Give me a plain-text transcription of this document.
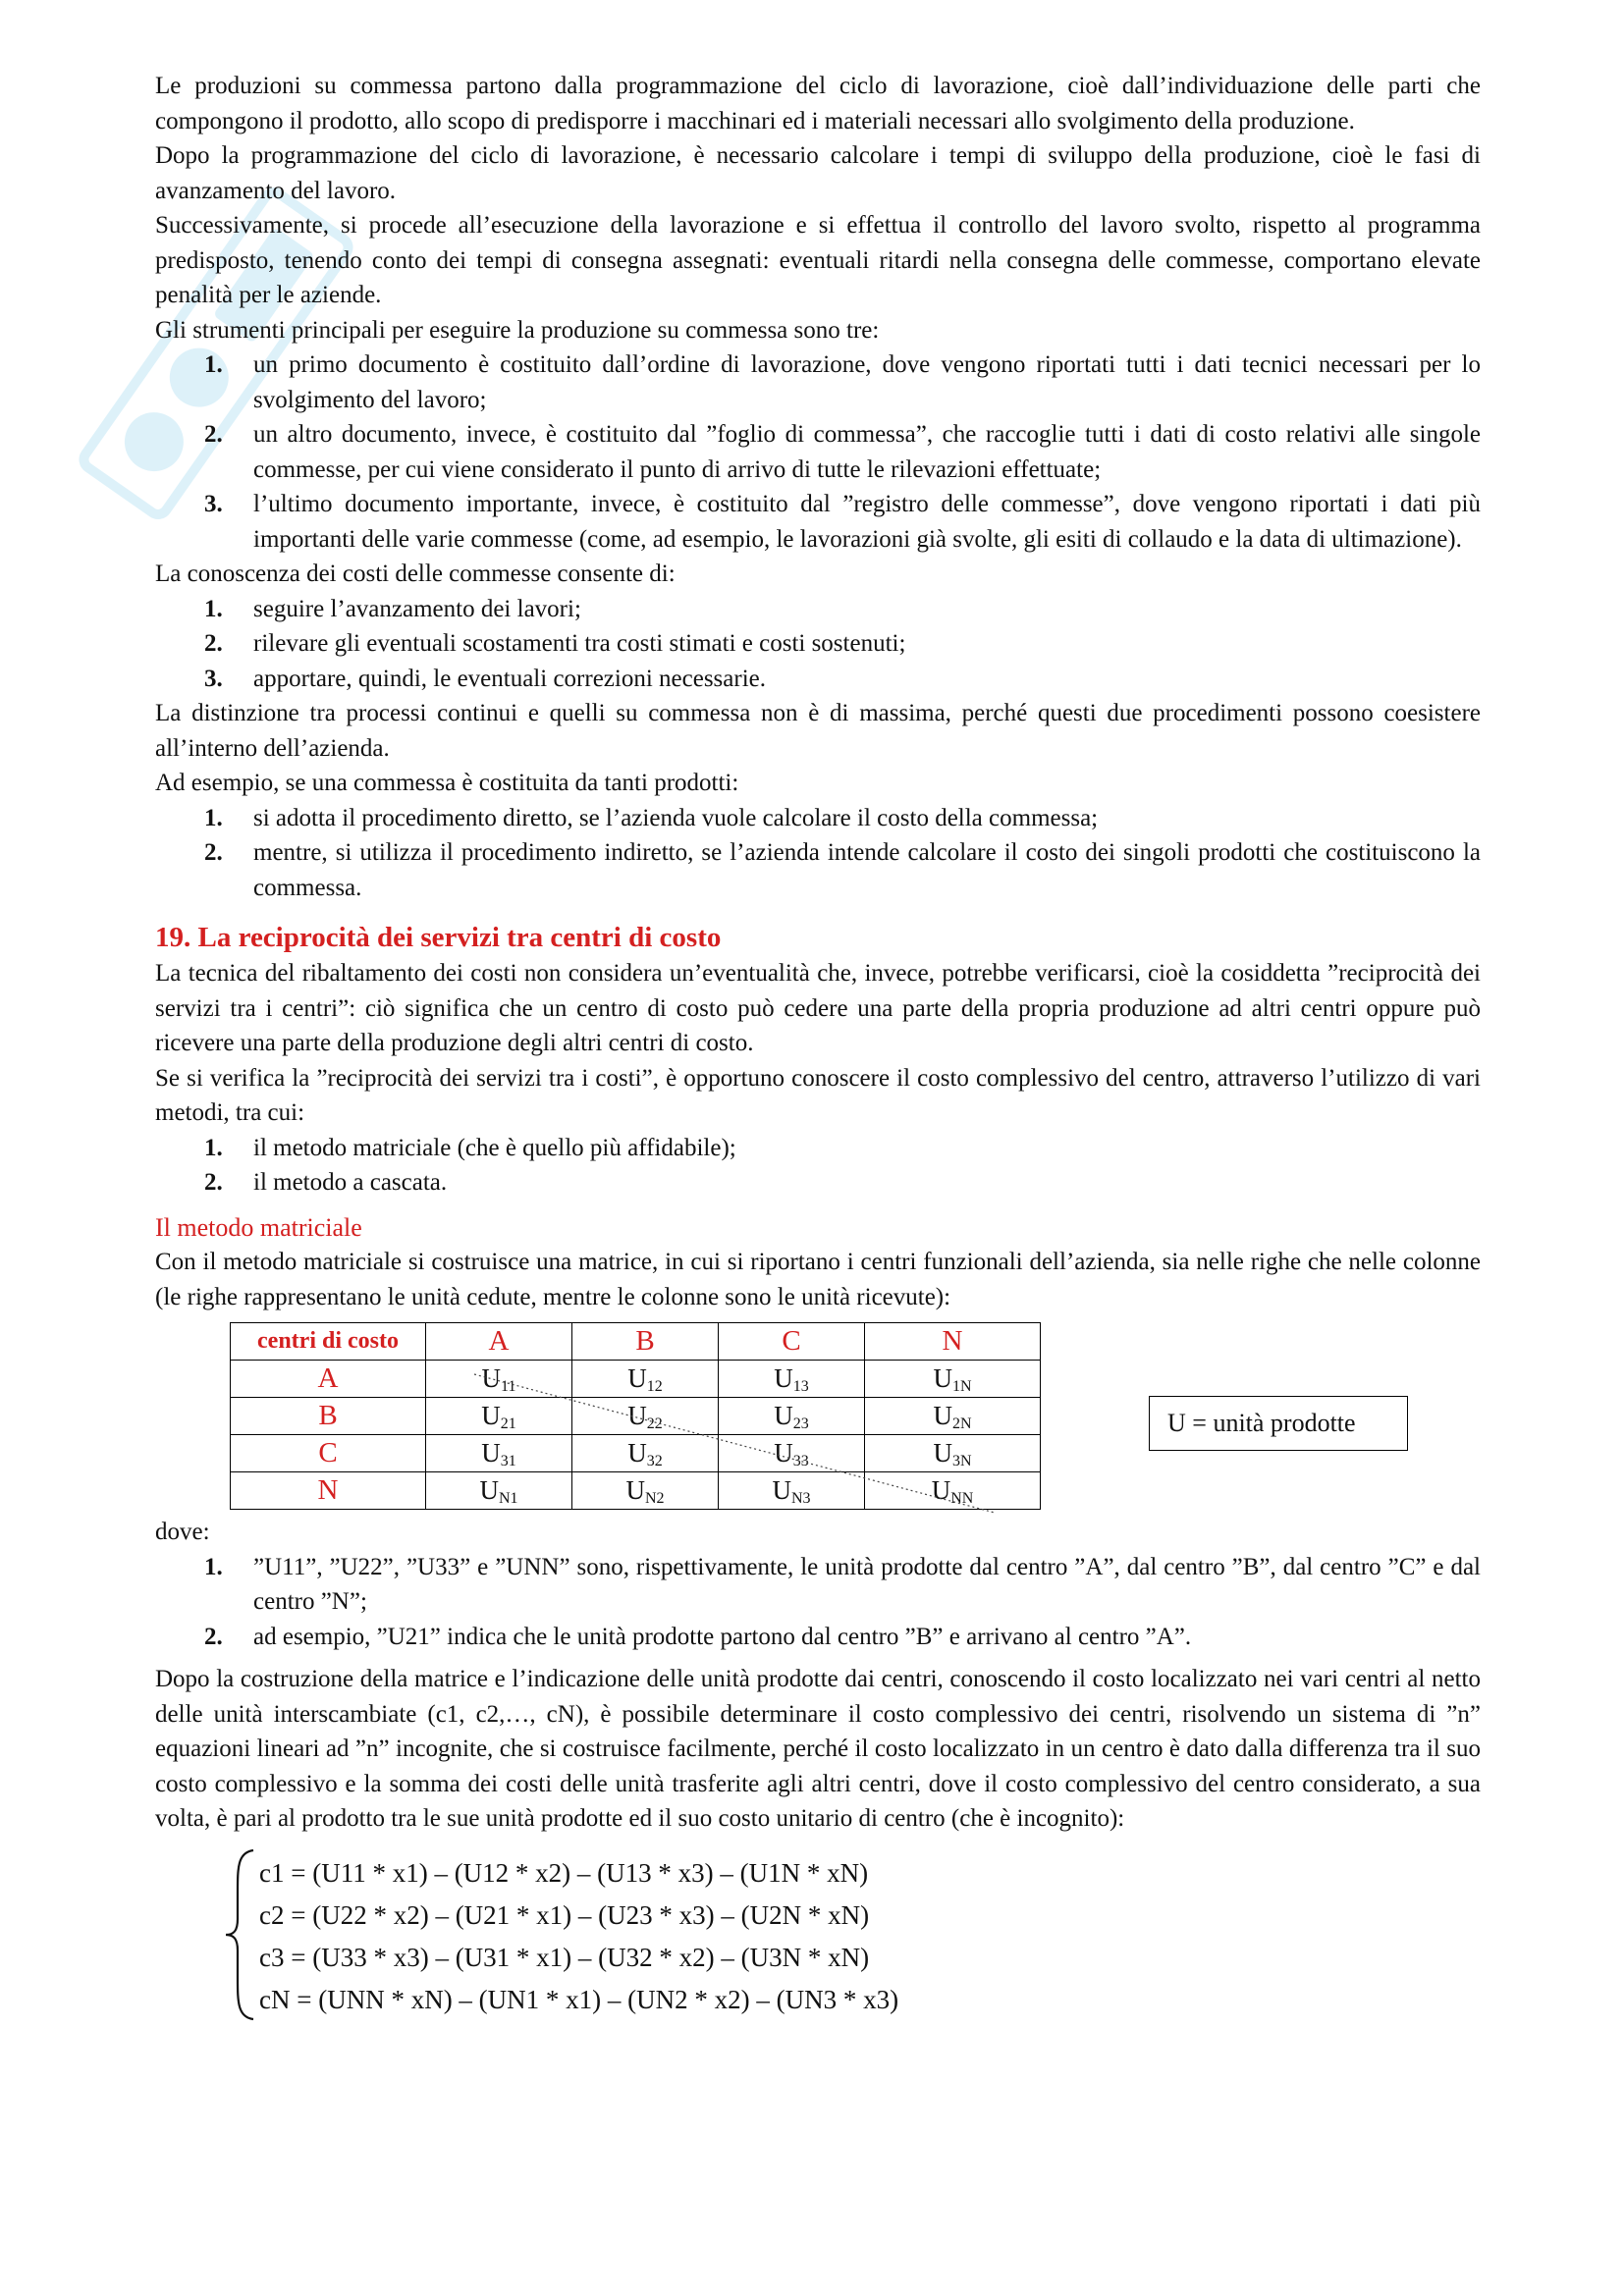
Le produzioni su commessa partono dalla programmazione del ciclo di lavorazione, cioè dall’individuazione delle parti che compongono il prodotto, allo scopo di predisporre i macchinari ed i materiali necessari allo svolgimento della produzione.

Dopo la programmazione del ciclo di lavorazione, è necessario calcolare i tempi di sviluppo della produzione, cioè le fasi di avanzamento del lavoro.

Successivamente, si procede all’esecuzione della lavorazione e si effettua il controllo del lavoro svolto, rispetto al programma predisposto, tenendo conto dei tempi di consegna assegnati: eventuali ritardi nella consegna delle commesse, comportano elevate penalità per le aziende.

Gli strumenti principali per eseguire la produzione su commessa sono tre:

1. un primo documento è costituito dall’ordine di lavorazione, dove vengono riportati tutti i dati tecnici necessari per lo svolgimento del lavoro;
2. un altro documento, invece, è costituito dal ”foglio di commessa”, che raccoglie tutti i dati di costo relativi alle singole commesse, per cui viene considerato il punto di arrivo di tutte le rilevazioni effettuate;
3. l’ultimo documento importante, invece, è costituito dal ”registro delle commesse”, dove vengono riportati i dati più importanti delle varie commesse (come, ad esempio, le lavorazioni già svolte, gli esiti di collaudo e la data di ultimazione).

La conoscenza dei costi delle commesse consente di:

1. seguire l’avanzamento dei lavori;
2. rilevare gli eventuali scostamenti tra costi stimati e costi sostenuti;
3. apportare, quindi, le eventuali correzioni necessarie.

La distinzione tra processi continui e quelli su commessa non è di massima, perché questi due procedimenti possono coesistere all’interno dell’azienda.

Ad esempio, se una commessa è costituita da tanti prodotti:

1. si adotta il procedimento diretto, se l’azienda vuole calcolare il costo della commessa;
2. mentre, si utilizza il procedimento indiretto, se l’azienda intende calcolare il costo dei singoli prodotti che costituiscono la commessa.
19. La reciprocità dei servizi tra centri di costo

La tecnica del ribaltamento dei costi non considera un’eventualità che, invece, potrebbe verificarsi, cioè la cosiddetta ”reciprocità dei servizi tra i centri”: ciò significa che un centro di costo può cedere una parte della propria produzione ad altri centri oppure può ricevere una parte della produzione degli altri centri di costo.

Se si verifica la ”reciprocità dei servizi tra i costi”, è opportuno conoscere il costo complessivo del centro, attraverso l’utilizzo di vari metodi, tra cui:

1. il metodo matriciale (che è quello più affidabile);
2. il metodo a cascata.
Il metodo matriciale

Con il metodo matriciale si costruisce una matrice, in cui si riportano i centri funzionali dell’azienda, sia nelle righe che nelle colonne (le righe rappresentano le unità cedute, mentre le colonne sono le unità ricevute):

centri di costo	A	B	C	N
A	$U_{11}$	$U_{12}$	$U_{13}$	$U_{1N}$
B	$U_{21}$	$U_{22}$	$U_{23}$	$U_{2N}$
C	$U_{31}$	$U_{32}$	$U_{33}$	$U_{3N}$
N	$U_{N1}$	$U_{N2}$	$U_{N3}$	$U_{NN}$
U = unità prodotte

dove:

1. ”U11”, ”U22”, ”U33” e ”UNN” sono, rispettivamente, le unità prodotte dal centro ”A”, dal centro ”B”, dal centro ”C” e dal centro ”N”;
2. ad esempio, ”U21” indica che le unità prodotte partono dal centro ”B” e arrivano al centro ”A”.

Dopo la costruzione della matrice e l’indicazione delle unità prodotte dai centri, conoscendo il costo localizzato nei vari centri al netto delle unità interscambiate (c1, c2,…, cN), è possibile determinare il costo complessivo dei centri, risolvendo un sistema di ”n” equazioni lineari ad ”n” incognite, che si costruisce facilmente, perché il costo localizzato in un centro è dato dalla differenza tra il suo costo complessivo e la somma dei costi delle unità trasferite agli altri centri, dove il costo complessivo del centro considerato, a sua volta, è pari al prodotto tra le sue unità prodotte ed il suo costo unitario di centro (che è incognito):

c1 = (U11 * x1) – (U12 * x2) – (U13 * x3) – (U1N * xN)
c2 = (U22 * x2) – (U21 * x1) – (U23 * x3) – (U2N * xN)
c3 = (U33 * x3) – (U31 * x1) – (U32 * x2) – (U3N * xN)
cN = (UNN * xN) – (UN1 * x1) – (UN2 * x2) – (UN3 * x3)
